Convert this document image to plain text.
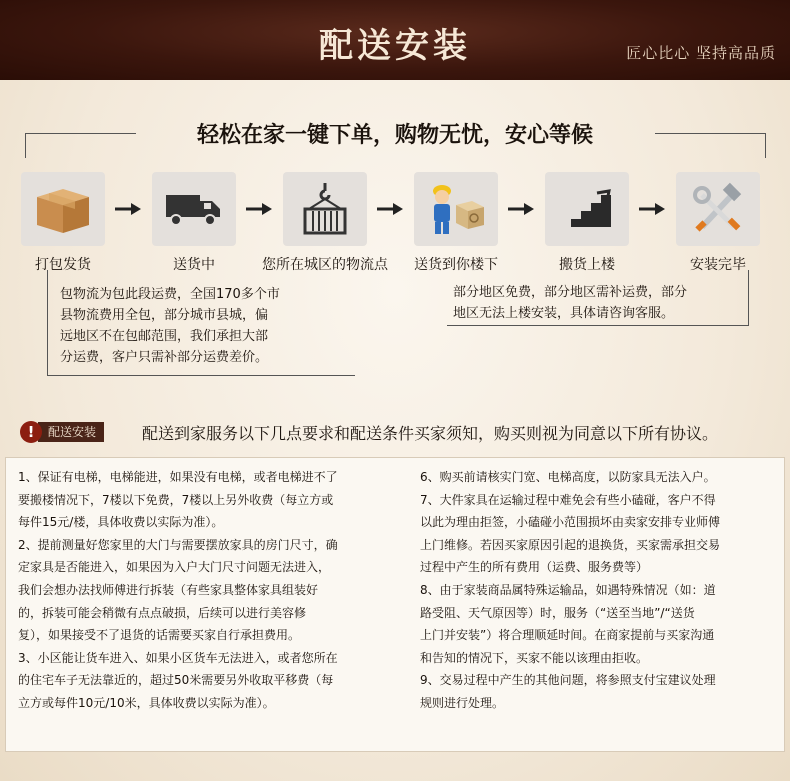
配送安装	匠心比心 坚持高品质
轻松在家一键下单，购物无忧，安心等候
打包发货	送货中	您所在城区的物流点	送货到你楼下	搬货上楼	安装完毕
包物流为包此段运费，全国170多个市
县物流费用全包，部分城市县城，偏
远地区不在包邮范围，我们承担大部
分运费，客户只需补部分运费差价。
部分地区免费，部分地区需补运费，部分
地区无法上楼安装，具体请咨询客服。
!	配送安装	配送到家服务以下几点要求和配送条件买家须知，购买则视为同意以下所有协议。
1、保证有电梯，电梯能进，如果没有电梯，或者电梯进不了
要搬楼情况下，7楼以下免费，7楼以上另外收费（每立方或
每件15元/楼，具体收费以实际为准）。
2、提前测量好您家里的大门与需要摆放家具的房门尺寸，确
定家具是否能进入，如果因为入户大门尺寸问题无法进入，
我们会想办法找师傅进行拆装（有些家具整体家具组装好
的，拆装可能会稍微有点点破损，后续可以进行美容修
复），如果接受不了退货的话需要买家自行承担费用。
3、小区能让货车进入、如果小区货车无法进入，或者您所在
的住宅车子无法靠近的，超过50米需要另外收取平移费（每
立方或每件10元/10米，具体收费以实际为准）。
6、购买前请核实门宽、电梯高度，以防家具无法入户。
7、大件家具在运输过程中难免会有些小磕碰，客户不得
以此为理由拒签，小磕碰小范围损坏由卖家安排专业师傅
上门维修。若因买家原因引起的退换货，买家需承担交易
过程中产生的所有费用（运费、服务费等）
8、由于家装商品属特殊运输品，如遇特殊情况（如：道
路受阻、天气原因等）时，服务（“送至当地”/“送货
上门并安装”）将合理顺延时间。在商家提前与买家沟通
和告知的情况下，买家不能以该理由拒收。
9、交易过程中产生的其他问题，将参照支付宝建议处理
规则进行处理。
